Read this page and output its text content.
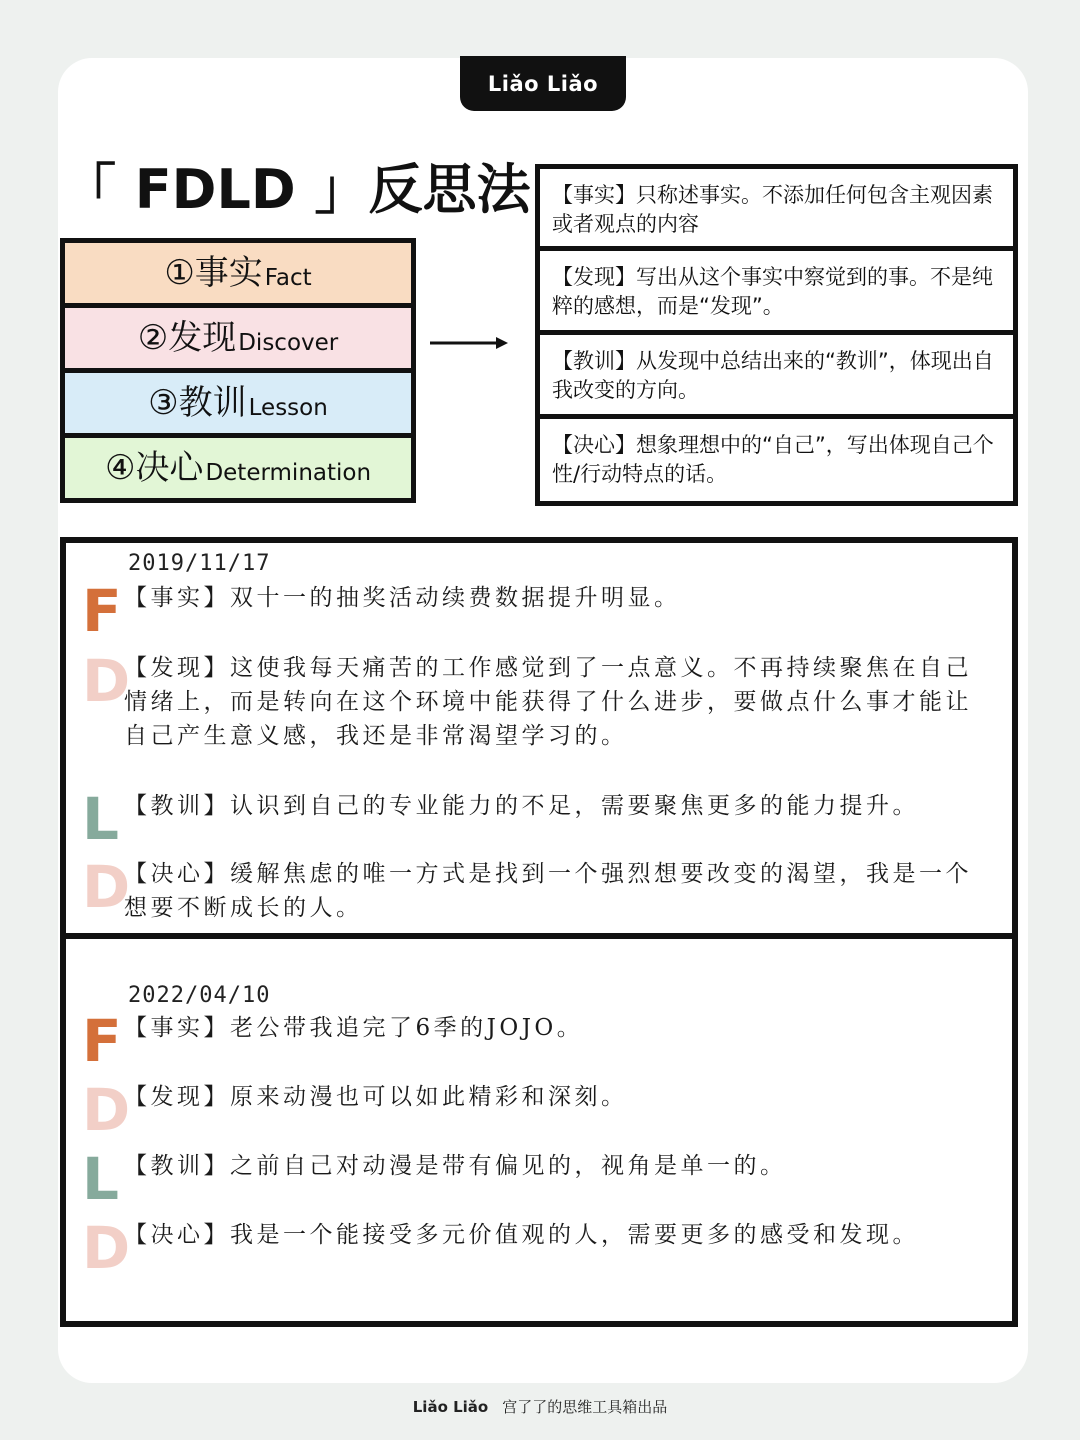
Liǎo Liǎo
「 FDLD 」反思法
①事实 Fact
②发现 Discover
③教训 Lesson
④决心 Determination
【事实】只称述事实。不添加任何包含主观因素或者观点的内容
【发现】写出从这个事实中察觉到的事。不是纯粹的感想，而是“发现”。
【教训】从发现中总结出来的“教训”，体现出自我改变的方向。
【决心】想象理想中的“自己”，写出体现自己个性/行动特点的话。
2019/11/17
F 【事实】双十一的抽奖活动续费数据提升明显。
D
【发现】这使我每天痛苦的工作感觉到了一点意义。不再持续聚焦在自己情绪上，而是转向在这个环境中能获得了什么进步，要做点什么事才能让自己产生意义感，我还是非常渴望学习的。
L 【教训】认识到自己的专业能力的不足，需要聚焦更多的能力提升。
D
【决心】缓解焦虑的唯一方式是找到一个强烈想要改变的渴望，我是一个想要不断成长的人。
2022/04/10
F 【事实】老公带我追完了6季的JOJO。
D
【发现】原来动漫也可以如此精彩和深刻。
L 【教训】之前自己对动漫是带有偏见的，视角是单一的。
D
【决心】我是一个能接受多元价值观的人，需要更多的感受和发现。
Liǎo Liǎo 宫了了的思维工具箱出品
